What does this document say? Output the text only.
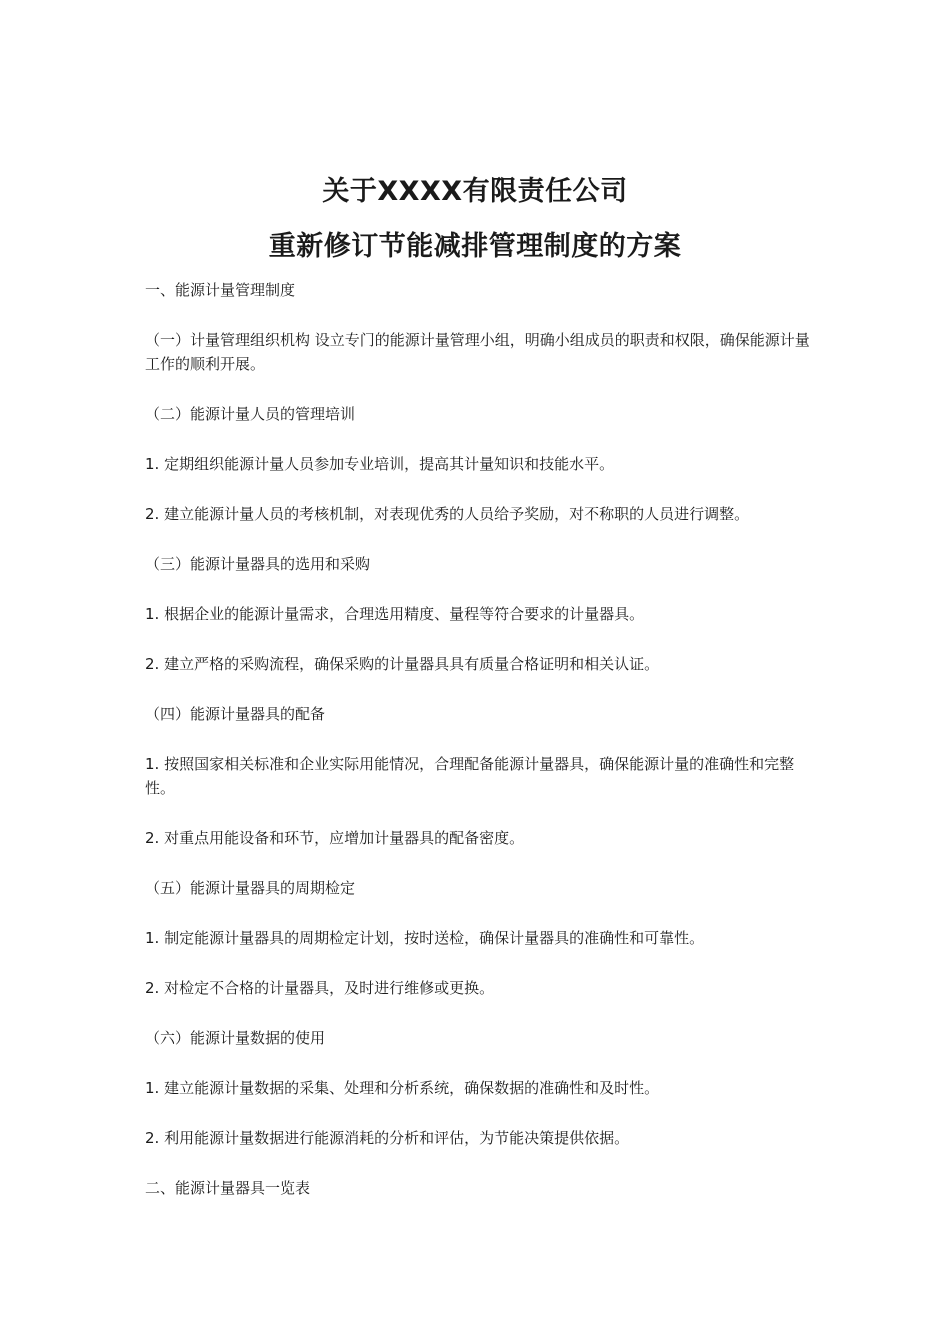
关于XXXX有限责任公司
重新修订节能减排管理制度的方案

一、能源计量管理制度

（一）计量管理组织机构 设立专门的能源计量管理小组，明确小组成员的职责和权限，确保能源计量工作的顺利开展。

（二）能源计量人员的管理培训

1. 定期组织能源计量人员参加专业培训，提高其计量知识和技能水平。

2. 建立能源计量人员的考核机制，对表现优秀的人员给予奖励，对不称职的人员进行调整。

（三）能源计量器具的选用和采购

1. 根据企业的能源计量需求，合理选用精度、量程等符合要求的计量器具。

2. 建立严格的采购流程，确保采购的计量器具具有质量合格证明和相关认证。

（四）能源计量器具的配备

1. 按照国家相关标准和企业实际用能情况，合理配备能源计量器具，确保能源计量的准确性和完整性。

2. 对重点用能设备和环节，应增加计量器具的配备密度。

（五）能源计量器具的周期检定

1. 制定能源计量器具的周期检定计划，按时送检，确保计量器具的准确性和可靠性。

2. 对检定不合格的计量器具，及时进行维修或更换。

（六）能源计量数据的使用

1. 建立能源计量数据的采集、处理和分析系统，确保数据的准确性和及时性。

2. 利用能源计量数据进行能源消耗的分析和评估，为节能决策提供依据。

二、能源计量器具一览表
